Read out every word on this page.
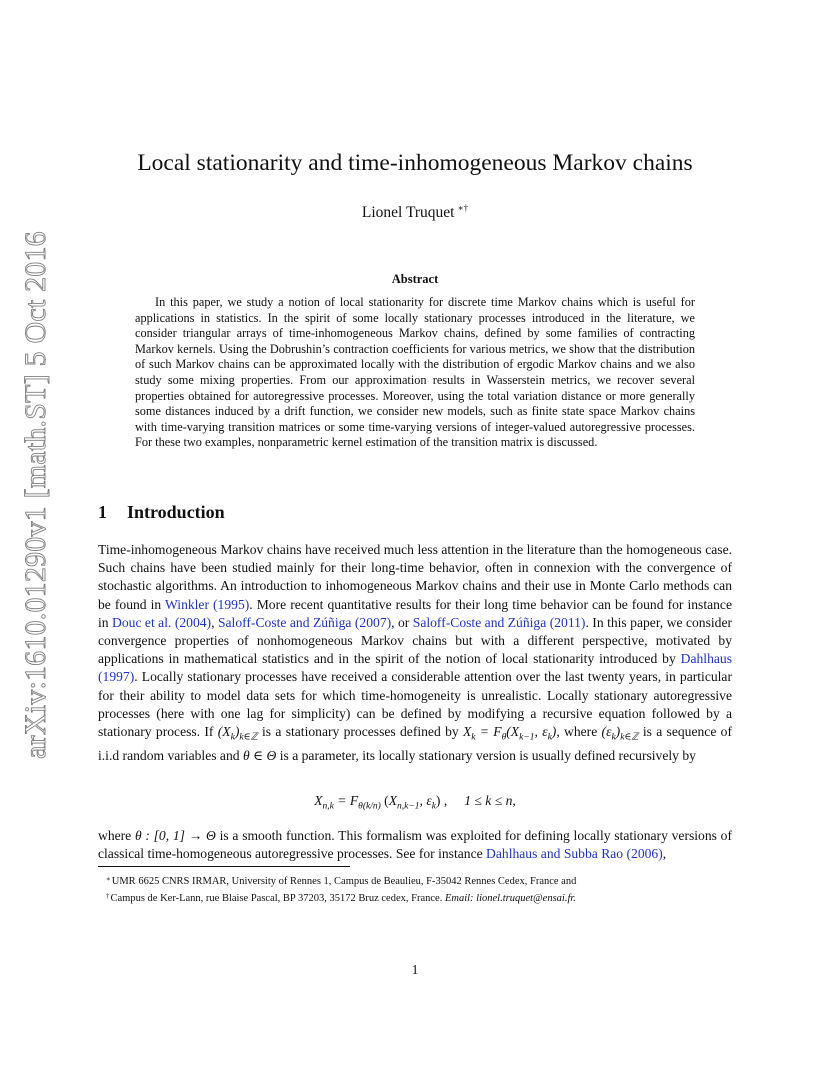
arXiv:1610.01290v1 [math.ST] 5 Oct 2016
Local stationarity and time-inhomogeneous Markov chains
Lionel Truquet ∗†
Abstract

In this paper, we study a notion of local stationarity for discrete time Markov chains which is useful for applications in statistics. In the spirit of some locally stationary processes introduced in the literature, we consider triangular arrays of time-inhomogeneous Markov chains, defined by some families of contracting Markov kernels. Using the Dobrushin’s contraction coefficients for various metrics, we show that the distribution of such Markov chains can be approximated locally with the distribution of ergodic Markov chains and we also study some mixing properties. From our approximation results in Wasserstein metrics, we recover several properties obtained for autoregressive processes. Moreover, using the total variation distance or more generally some distances induced by a drift function, we consider new models, such as finite state space Markov chains with time-varying transition matrices or some time-varying versions of integer-valued autoregressive processes. For these two examples, nonparametric kernel estimation of the transition matrix is discussed.

1 Introduction

Time-inhomogeneous Markov chains have received much less attention in the literature than the homogeneous case. Such chains have been studied mainly for their long-time behavior, often in connexion with the convergence of stochastic algorithms. An introduction to inhomogeneous Markov chains and their use in Monte Carlo methods can be found in Winkler (1995). More recent quantitative results for their long time behavior can be found for instance in Douc et al. (2004), Saloff-Coste and Zúñiga (2007), or Saloff-Coste and Zúñiga (2011). In this paper, we consider convergence properties of nonhomogeneous Markov chains but with a different perspective, motivated by applications in mathematical statistics and in the spirit of the notion of local stationarity introduced by Dahlhaus (1997). Locally stationary processes have received a considerable attention over the last twenty years, in particular for their ability to model data sets for which time-homogeneity is unrealistic. Locally stationary autoregressive processes (here with one lag for simplicity) can be defined by modifying a recursive equation followed by a stationary process. If $(X_k)_{k\in ℤ}$ is a stationary processes defined by $X_k = F_\theta(X_{k-1}$, $\varepsilon_k$), where $(\varepsilon_k)_{k\in ℤ}$ is a sequence of i.i.d random variables and θ ∈ Θ is a parameter, its locally stationary version is usually defined recursively by

$X_{n,k} = F_{\theta(k/n)}$ ($X_{n,k-1}$, $\varepsilon_k$) , 1 ≤ k ≤ n,

where θ : [0, 1] → Θ is a smooth function. This formalism was exploited for defining locally stationary versions of classical time-homogeneous autoregressive processes. See for instance Dahlhaus and Subba Rao (2006),

∗UMR 6625 CNRS IRMAR, University of Rennes 1, Campus de Beaulieu, F-35042 Rennes Cedex, France and
†Campus de Ker-Lann, rue Blaise Pascal, BP 37203, 35172 Bruz cedex, France. Email: lionel.truquet@ensai.fr.
1
